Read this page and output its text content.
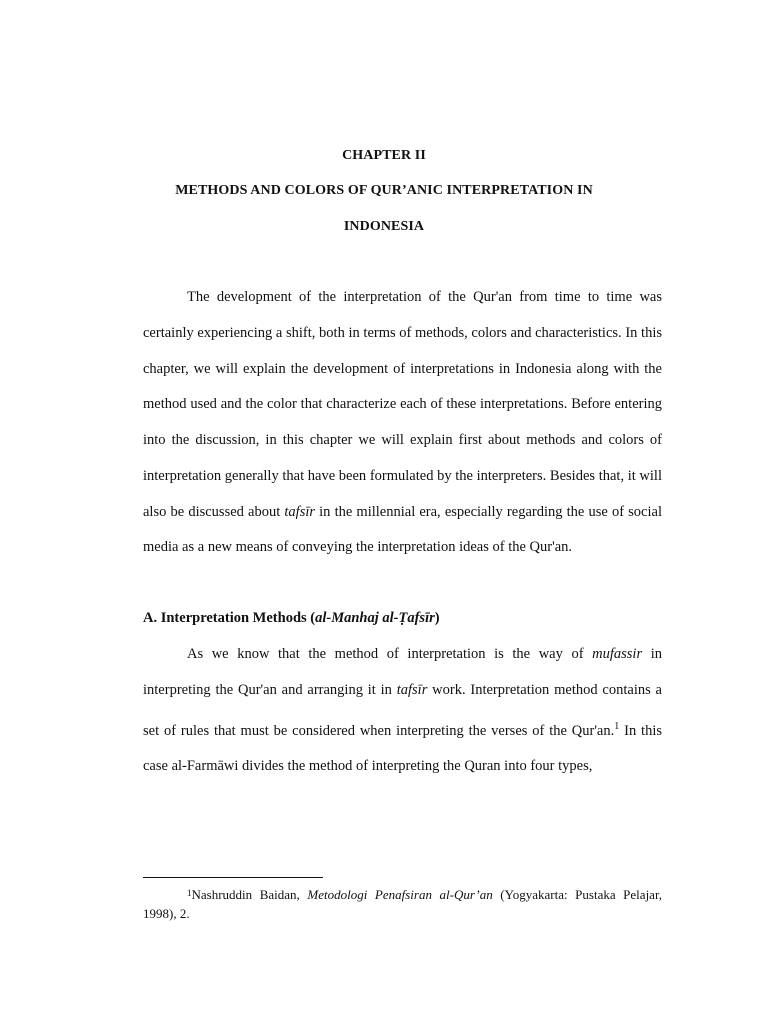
CHAPTER II
METHODS AND COLORS OF QUR’ANIC INTERPRETATION IN
INDONESIA

The development of the interpretation of the Qur'an from time to time was certainly experiencing a shift, both in terms of methods, colors and characteristics. In this chapter, we will explain the development of interpretations in Indonesia along with the method used and the color that characterize each of these interpretations. Before entering into the discussion, in this chapter we will explain first about methods and colors of interpretation generally that have been formulated by the interpreters. Besides that, it will also be discussed about tafsīr in the millennial era, especially regarding the use of social media as a new means of conveying the interpretation ideas of the Qur'an.

A. Interpretation Methods (al-Manhaj al-Ṭafsīr)

As we know that the method of interpretation is the way of mufassir in interpreting the Qur'an and arranging it in tafsīr work. Interpretation method contains a set of rules that must be considered when interpreting the verses of the Qur'an.$^1$ In this case al-Farmāwi divides the method of interpreting the Quran into four types,

$^1$Nashruddin Baidan, Metodologi Penafsiran al-Qur’an (Yogyakarta: Pustaka Pelajar, 1998), 2.
